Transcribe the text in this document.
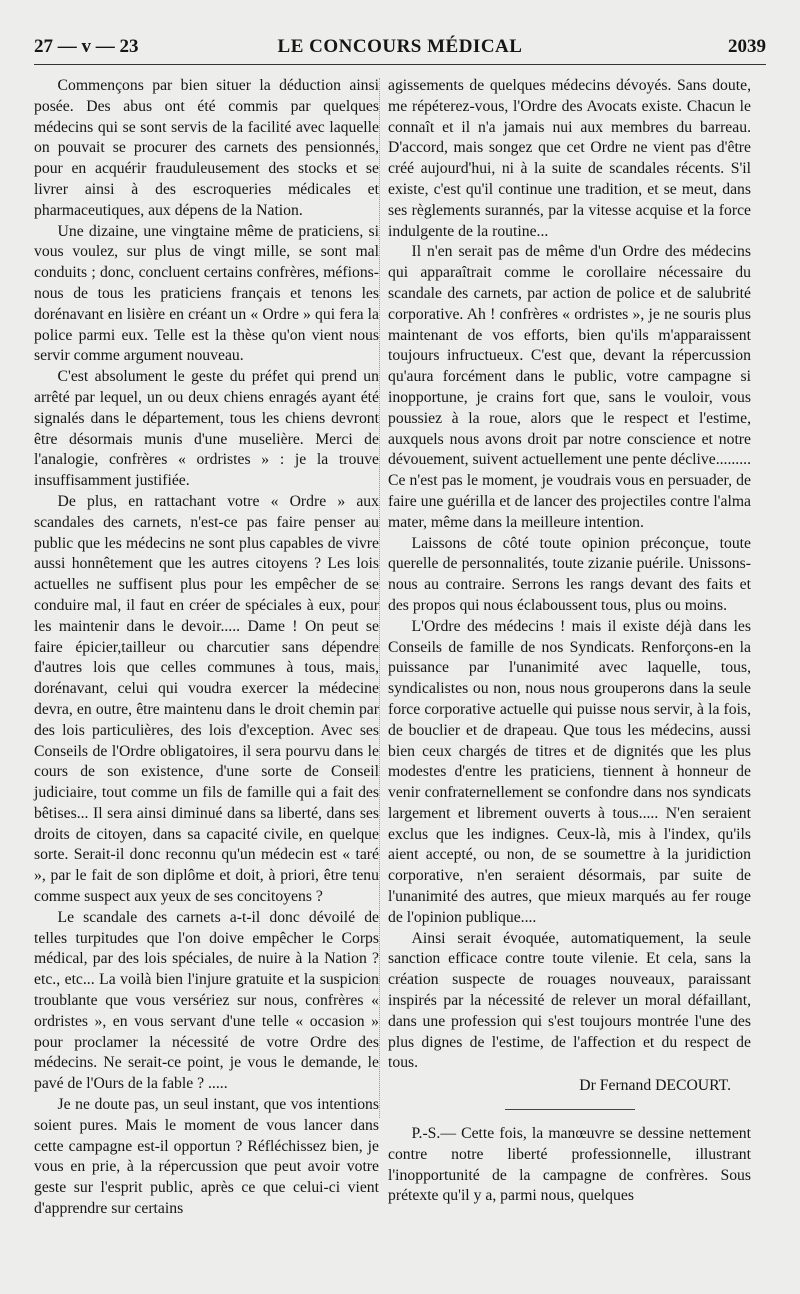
27 — v — 23	LE CONCOURS MÉDICAL	2039

Commençons par bien situer la déduction ainsi posée. Des abus ont été commis par quelques médecins qui se sont servis de la facilité avec laquelle on pouvait se procurer des carnets des pensionnés, pour en acquérir frauduleusement des stocks et se livrer ainsi à des escroqueries médicales et pharmaceutiques, aux dépens de la Nation.

Une dizaine, une vingtaine même de praticiens, si vous voulez, sur plus de vingt mille, se sont mal conduits ; donc, concluent certains confrères, méfions-nous de tous les praticiens français et tenons les dorénavant en lisière en créant un « Ordre » qui fera la police parmi eux. Telle est la thèse qu'on vient nous servir comme argument nouveau.

C'est absolument le geste du préfet qui prend un arrêté par lequel, un ou deux chiens enragés ayant été signalés dans le département, tous les chiens devront être désormais munis d'une muselière. Merci de l'analogie, confrères « ordristes » : je la trouve insuffisamment justifiée.

De plus, en rattachant votre « Ordre » aux scandales des carnets, n'est-ce pas faire penser au public que les médecins ne sont plus capables de vivre aussi honnêtement que les autres citoyens ? Les lois actuelles ne suffisent plus pour les empêcher de se conduire mal, il faut en créer de spéciales à eux, pour les maintenir dans le devoir..... Dame ! On peut se faire épicier,tailleur ou charcutier sans dépendre d'autres lois que celles communes à tous, mais, dorénavant, celui qui voudra exercer la médecine devra, en outre, être maintenu dans le droit chemin par des lois particulières, des lois d'exception. Avec ses Conseils de l'Ordre obligatoires, il sera pourvu dans le cours de son existence, d'une sorte de Conseil judiciaire, tout comme un fils de famille qui a fait des bêtises... Il sera ainsi diminué dans sa liberté, dans ses droits de citoyen, dans sa capacité civile, en quelque sorte. Serait-il donc reconnu qu'un médecin est « taré », par le fait de son diplôme et doit, à priori, être tenu comme suspect aux yeux de ses concitoyens ?

Le scandale des carnets a-t-il donc dévoilé de telles turpitudes que l'on doive empêcher le Corps médical, par des lois spéciales, de nuire à la Nation ? etc., etc... La voilà bien l'injure gratuite et la suspicion troublante que vous versériez sur nous, confrères « ordristes », en vous servant d'une telle « occasion » pour proclamer la nécessité de votre Ordre des médecins. Ne serait-ce point, je vous le demande, le pavé de l'Ours de la fable ? .....

Je ne doute pas, un seul instant, que vos intentions soient pures. Mais le moment de vous lancer dans cette campagne est-il opportun ? Réfléchissez bien, je vous en prie, à la répercussion que peut avoir votre geste sur l'esprit public, après ce que celui-ci vient d'apprendre sur certains

agissements de quelques médecins dévoyés. Sans doute, me répéterez-vous, l'Ordre des Avocats existe. Chacun le connaît et il n'a jamais nui aux membres du barreau. D'accord, mais songez que cet Ordre ne vient pas d'être créé aujourd'hui, ni à la suite de scandales récents. S'il existe, c'est qu'il continue une tradition, et se meut, dans ses règlements surannés, par la vitesse acquise et la force indulgente de la routine...

Il n'en serait pas de même d'un Ordre des médecins qui apparaîtrait comme le corollaire nécessaire du scandale des carnets, par action de police et de salubrité corporative. Ah ! confrères « ordristes », je ne souris plus maintenant de vos efforts, bien qu'ils m'apparaissent toujours infructueux. C'est que, devant la répercussion qu'aura forcément dans le public, votre campagne si inopportune, je crains fort que, sans le vouloir, vous poussiez à la roue, alors que le respect et l'estime, auxquels nous avons droit par notre conscience et notre dévouement, suivent actuellement une pente déclive......... Ce n'est pas le moment, je voudrais vous en persuader, de faire une guérilla et de lancer des projectiles contre l'alma mater, même dans la meilleure intention.

Laissons de côté toute opinion préconçue, toute querelle de personnalités, toute zizanie puérile. Unissons-nous au contraire. Serrons les rangs devant des faits et des propos qui nous éclaboussent tous, plus ou moins.

L'Ordre des médecins ! mais il existe déjà dans les Conseils de famille de nos Syndicats. Renforçons-en la puissance par l'unanimité avec laquelle, tous, syndicalistes ou non, nous nous grouperons dans la seule force corporative actuelle qui puisse nous servir, à la fois, de bouclier et de drapeau. Que tous les médecins, aussi bien ceux chargés de titres et de dignités que les plus modestes d'entre les praticiens, tiennent à honneur de venir confraternellement se confondre dans nos syndicats largement et librement ouverts à tous..... N'en seraient exclus que les indignes. Ceux-là, mis à l'index, qu'ils aient accepté, ou non, de se soumettre à la juridiction corporative, n'en seraient désormais, par suite de l'unanimité des autres, que mieux marqués au fer rouge de l'opinion publique....

Ainsi serait évoquée, automatiquement, la seule sanction efficace contre toute vilenie. Et cela, sans la création suspecte de rouages nouveaux, paraissant inspirés par la nécessité de relever un moral défaillant, dans une profession qui s'est toujours montrée l'une des plus dignes de l'estime, de l'affection et du respect de tous.

Dr Fernand DECOURT.

P.-S.— Cette fois, la manœuvre se dessine nettement contre notre liberté professionnelle, illustrant l'inopportunité de la campagne de confrères. Sous prétexte qu'il y a, parmi nous, quelques
